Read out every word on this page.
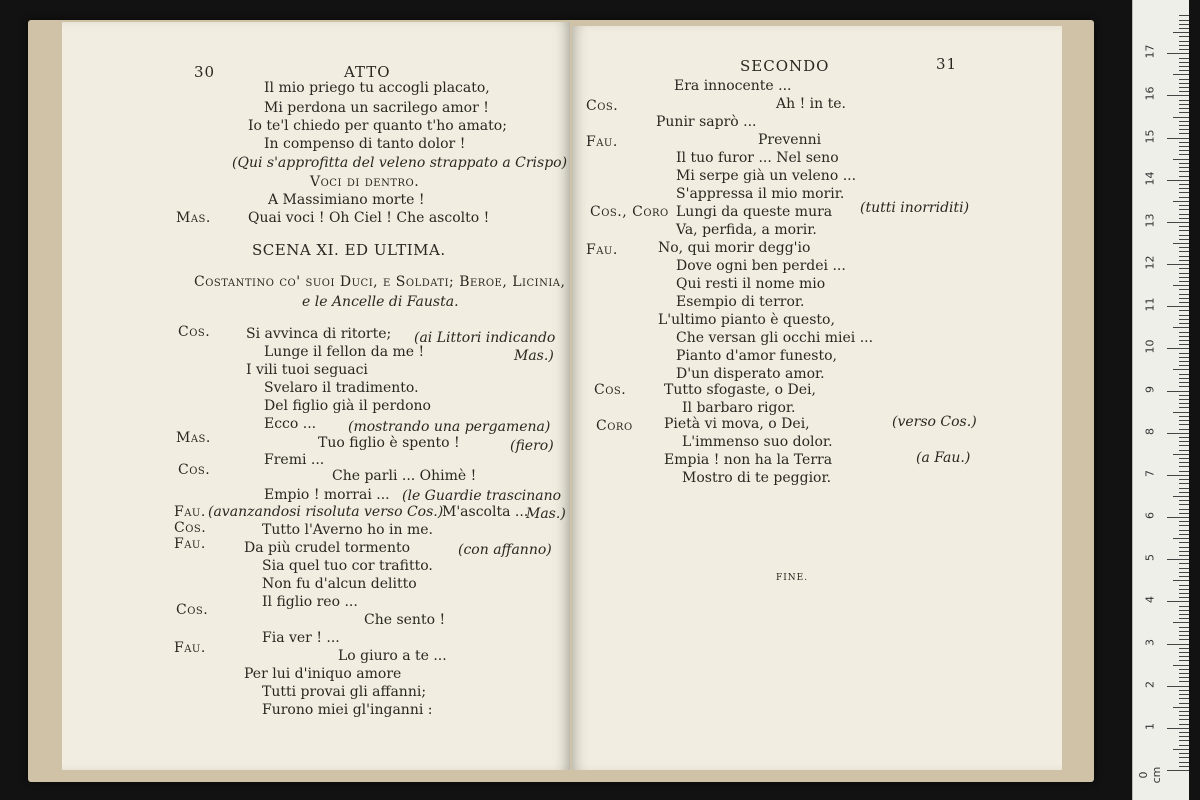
30	ATTO
Il mio priego tu accogli placato,
Mi perdona un sacrilego amor !
Io te'l chiedo per quanto t'ho amato;
In compenso di tanto dolor !
(Qui s'approfitta del veleno strappato a Crispo)
Voci di dentro.
A Massimiano morte !
Mas.	Quai voci ! Oh Ciel ! Che ascolto !
SCENA XI. ED ULTIMA.
Costantino co' suoi Duci, e Soldati; Beroe, Licinia,
e le Ancelle di Fausta.
Cos.	Si avvinca di ritorte; (ai Littori indicando
Lunge il fellon da me !	Mas.)
I vili tuoi seguaci
Svelaro il tradimento.
Del figlio già il perdono
Ecco ... (mostrando una pergamena)
Mas.	Tuo figlio è spento !	(fiero)
Fremi ...
Cos.	Che parli ... Ohimè !
Empio ! morrai ... (le Guardie trascinano
Fau. (avanzandosi risoluta verso Cos.)
M'ascolta ...
Mas.)
Cos.	Tutto l'Averno ho in me.
Fau.	Da più crudel tormento	(con affanno)
Sia quel tuo cor trafitto.
Non fu d'alcun delitto
Il figlio reo ...
Cos.
Che sento !
Fia ver ! ...
Fau.	Lo giuro a te ...
Per lui d'iniquo amore
Tutti provai gli affanni;
Furono miei gl'inganni :
SECONDO	31
Era innocente ...
Cos.	Ah ! in te.
Punir saprò ...
Fau.	Prevenni
Il tuo furor ... Nel seno
Mi serpe già un veleno ...
S'appressa il mio morir.
Cos., Coro Lungi da queste mura (tutti inorriditi)
Va, perfida, a morir.
Fau.	No, qui morir degg'io
Dove ogni ben perdei ...
Qui resti il nome mio
Esempio di terror.
L'ultimo pianto è questo,
Che versan gli occhi miei ...
Pianto d'amor funesto,
D'un disperato amor.
Cos.	Tutto sfogaste, o Dei,
Il barbaro rigor.
Coro Pietà vi mova, o Dei,	(verso Cos.)
L'immenso suo dolor.
Empia ! non ha la Terra	(a Fau.)
Mostro di te peggior.
FINE.
0 cm
1
2
3
4
5
6
7
8
9
10
11
12
13
14
15
16
17
